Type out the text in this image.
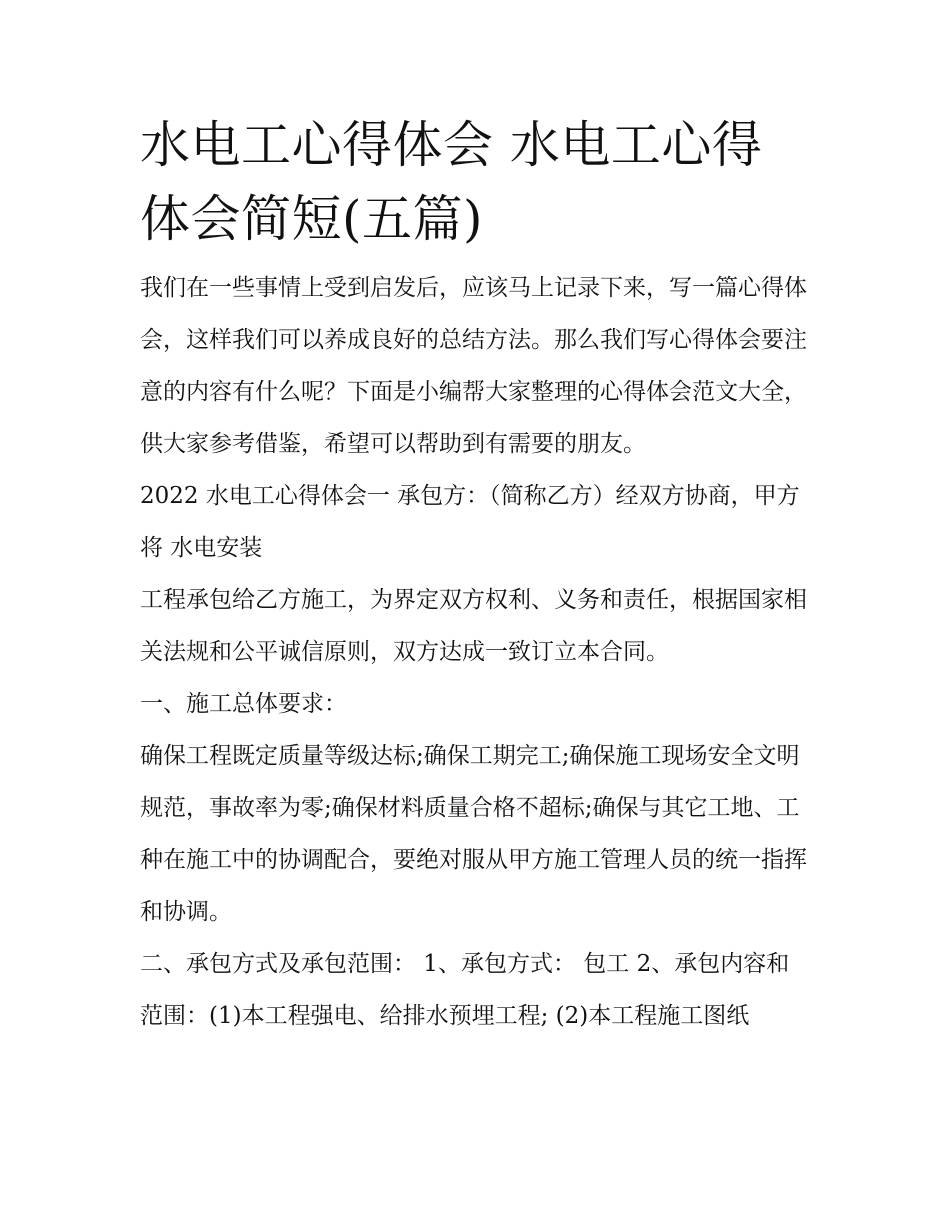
水电工心得体会 水电工心得体会简短(五篇)

我们在一些事情上受到启发后，应该马上记录下来，写一篇心得体会，这样我们可以养成良好的总结方法。那么我们写心得体会要注意的内容有什么呢？下面是小编帮大家整理的心得体会范文大全，供大家参考借鉴，希望可以帮助到有需要的朋友。

2022 水电工心得体会一 承包方：（简称乙方）经双方协商，甲方将 水电安装

工程承包给乙方施工，为界定双方权利、义务和责任，根据国家相关法规和公平诚信原则，双方达成一致订立本合同。

一、施工总体要求：

确保工程既定质量等级达标;确保工期完工;确保施工现场安全文明规范，事故率为零;确保材料质量合格不超标;确保与其它工地、工种在施工中的协调配合，要绝对服从甲方施工管理人员的统一指挥和协调。

二、承包方式及承包范围： 1、承包方式： 包工 2、承包内容和范围：(1)本工程强电、给排水预埋工程; (2)本工程施工图纸
